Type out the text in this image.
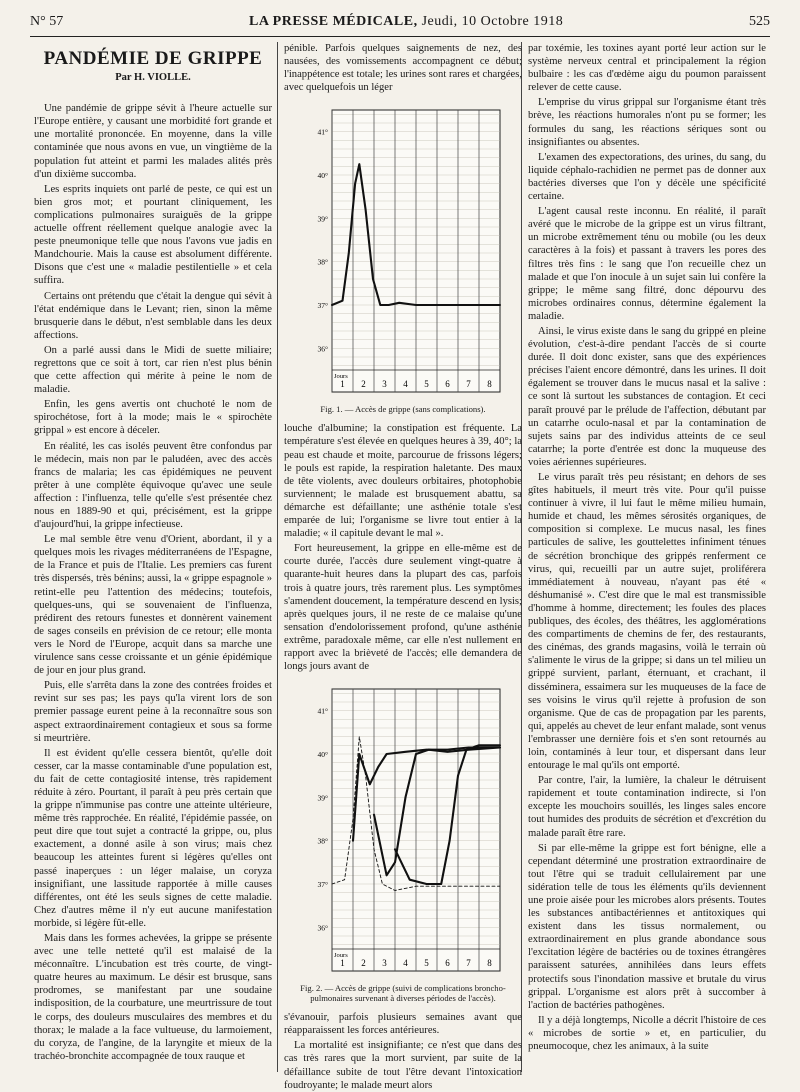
N° 57	LA PRESSE MÉDICALE, Jeudi, 10 Octobre 1918	525
PANDÉMIE DE GRIPPE
Par H. VIOLLE.

Une pandémie de grippe sévit à l'heure actuelle sur l'Europe entière, y causant une morbidité fort grande et une mortalité prononcée. En moyenne, dans la ville contaminée que nous avons en vue, un vingtième de la population fut atteint et parmi les malades alités près d'un dixième succomba.

Les esprits inquiets ont parlé de peste, ce qui est un bien gros mot; et pourtant cliniquement, les complications pulmonaires suraiguës de la grippe actuelle offrent réellement quelque analogie avec la peste pneumonique telle que nous l'avons vue jadis en Mandchourie. Mais la cause est absolument différente. Disons que c'est une « maladie pestilentielle » et cela suffira.

Certains ont prétendu que c'était la dengue qui sévit à l'état endémique dans le Levant; rien, sinon la même brusquerie dans le début, n'est semblable dans les deux affections.

On a parlé aussi dans le Midi de suette miliaire; regrettons que ce soit à tort, car rien n'est plus bénin que cette affection qui mérite à peine le nom de maladie.

Enfin, les gens avertis ont chuchoté le nom de spirochétose, fort à la mode; mais le « spirochète grippal » est encore à déceler.

En réalité, les cas isolés peuvent être confondus par le médecin, mais non par le paludéen, avec des accès francs de malaria; les cas épidémiques ne peuvent prêter à une complète équivoque qu'avec une seule affection : l'influenza, telle qu'elle s'est présentée chez nous en 1889-90 et qui, précisément, est la grippe d'aujourd'hui, la grippe infectieuse.

Le mal semble être venu d'Orient, abordant, il y a quelques mois les rivages méditerranéens de l'Espagne, de la France et puis de l'Italie. Les premiers cas furent très dispersés, très bénins; aussi, la « grippe espagnole » retint-elle peu l'attention des médecins; toutefois, quelques-uns, qui se souvenaient de l'influenza, prédirent des retours funestes et donnèrent vainement de sages conseils en prévision de ce retour; elle monta vers le Nord de l'Europe, acquit dans sa marche une virulence sans cesse croissante et un génie épidémique de jour en jour plus grand.

Puis, elle s'arrêta dans la zone des contrées froides et revint sur ses pas; les pays qu'la virent lors de son premier passage eurent peine à la reconnaître sous son aspect extraordinairement contagieux et sous sa forme si meurtrière.

Il est évident qu'elle cessera bientôt, qu'elle doit cesser, car la masse contaminable d'une population est, du fait de cette contagiosité intense, très rapidement réduite à zéro. Pourtant, il paraît à peu près certain que la grippe n'immunise pas contre une atteinte ultérieure, même très rapprochée. En réalité, l'épidémie passée, on peut dire que tout sujet a contracté la grippe, ou, plus exactement, a donné asile à son virus; mais chez beaucoup les atteintes furent si légères qu'elles ont passé inaperçues : un léger malaise, un coryza insignifiant, une lassitude rapportée à mille causes différentes, ont été les seuls signes de cette maladie. Chez d'autres même il n'y eut aucune manifestation morbide, si légère fût-elle.

Mais dans les formes achevées, la grippe se présente avec une telle netteté qu'il est malaisé de la méconnaître. L'incubation est très courte, de vingt-quatre heures au maximum. Le désir est brusque, sans prodromes, se manifestant par une soudaine indisposition, de la courbature, une meurtrissure de tout le corps, des douleurs musculaires des membres et du thorax; le malade a la face vultueuse, du larmoiement, du coryza, de l'angine, de la laryngite et mieux de la trachéo-bronchite accompagnée de toux rauque et

pénible. Parfois quelques saignements de nez, des nausées, des vomissements accompagnent ce début; l'inappétence est totale; les urines sont rares et chargées, avec quelquefois un léger

41°
40°
39°
38°
37°
36°
1 2 3 4 5 6 7 8
Jours
Fig. 1. — Accès de grippe (sans complications).

louche d'albumine; la constipation est fréquente. La température s'est élevée en quelques heures à 39, 40°; la peau est chaude et moite, parcourue de frissons légers; le pouls est rapide, la respiration haletante. Des maux de tête violents, avec douleurs orbitaires, photophobie surviennent; le malade est brusquement abattu, sa démarche est défaillante; une asthénie totale s'est emparée de lui; l'organisme se livre tout entier à la maladie; « il capitule devant le mal ».

Fort heureusement, la grippe en elle-même est de courte durée, l'accès dure seulement vingt-quatre à quarante-huit heures dans la plupart des cas, parfois trois à quatre jours, très rarement plus. Les symptômes s'amendent doucement, la température descend en lysis; après quelques jours, il ne reste de ce malaise qu'une sensation d'endolorissement profond, qu'une asthénie extrême, paradoxale même, car elle n'est nullement en rapport avec la brièveté de l'accès; elle demandera de longs jours avant de

41°
40°
39°
38°
37°
36°
1 2 3 4 5 6 7 8
Jours
Fig. 2. — Accès de grippe (suivi de complications broncho-pulmonaires survenant à diverses périodes de l'accès).

s'évanouir, parfois plusieurs semaines avant que réapparaissent les forces antérieures.

La mortalité est insignifiante; ce n'est que dans des cas très rares que la mort survient, par suite de la défaillance subite de tout l'être devant l'intoxication foudroyante; le malade meurt alors

par toxémie, les toxines ayant porté leur action sur le système nerveux central et principalement la région bulbaire : les cas d'œdème aigu du poumon paraissent relever de cette cause.

L'emprise du virus grippal sur l'organisme étant très brève, les réactions humorales n'ont pu se former; les formules du sang, les réactions sériques sont ou insignifiantes ou absentes.

L'examen des expectorations, des urines, du sang, du liquide céphalo-rachidien ne permet pas de donner aux bactéries diverses que l'on y décèle une spécificité certaine.

L'agent causal reste inconnu. En réalité, il paraît avéré que le microbe de la grippe est un virus filtrant, un microbe extrêmement ténu ou mobile (ou les deux caractères à la fois) et passant à travers les pores des filtres très fins : le sang que l'on recueille chez un malade et que l'on inocule à un sujet sain lui confère la grippe; le même sang filtré, donc dépourvu des microbes ordinaires connus, détermine également la maladie.

Ainsi, le virus existe dans le sang du grippé en pleine évolution, c'est-à-dire pendant l'accès de si courte durée. Il doit donc exister, sans que des expériences précises l'aient encore démontré, dans les urines. Il doit également se trouver dans le mucus nasal et la salive : ce sont là surtout les substances de contagion. Et ceci paraît prouvé par le prélude de l'affection, débutant par un catarrhe oculo-nasal et par la contamination de sujets sains par des individus atteints de ce seul catarrhe; la porte d'entrée est donc la muqueuse des voies aériennes supérieures.

Le virus paraît très peu résistant; en dehors de ses gîtes habituels, il meurt très vite. Pour qu'il puisse continuer à vivre, il lui faut le même milieu humain, humide et chaud, les mêmes sérosités organiques, de composition si complexe. Le mucus nasal, les fines particules de salive, les gouttelettes infiniment ténues de sécrétion bronchique des grippés renferment ce virus, qui, recueilli par un autre sujet, proliférera immédiatement à nouveau, n'ayant pas été « déshumanisé ». C'est dire que le mal est transmissible d'homme à homme, directement; les foules des places publiques, des écoles, des théâtres, les agglomérations des compartiments de chemins de fer, des restaurants, des cinémas, des grands magasins, voilà le terrain où s'alimente le virus de la grippe; si dans un tel milieu un grippé survient, parlant, éternuant, et crachant, il disséminera, essaimera sur les muqueuses de la face de ses voisins le virus qu'il rejette à profusion de son organisme. Que de cas de propagation par les parents, qui, appelés au chevet de leur enfant malade, sont venus l'embrasser une dernière fois et s'en sont retournés au loin, contaminés à leur tour, et dispersant dans leur entourage le mal qu'ils ont emporté.

Par contre, l'air, la lumière, la chaleur le détruisent rapidement et toute contamination indirecte, si l'on excepte les mouchoirs souillés, les linges sales encore tout humides des produits de sécrétion et d'excrétion du malade paraît être rare.

Si par elle-même la grippe est fort bénigne, elle a cependant déterminé une prostration extraordinaire de tout l'être qui se traduit cellulairement par une sidération telle de tous les éléments qu'ils deviennent une proie aisée pour les microbes alors présents. Toutes les substances antibactériennes et antitoxiques qui existent dans les tissus normalement, ou extraordinairement en plus grande abondance sous l'excitation légère de bactéries ou de toxines étrangères paraissent saturées, annihilées dans leurs effets protectifs sous l'inondation massive et brutale du virus grippal. L'organisme est alors prêt à succomber à l'action de bactéries pathogènes.

Il y a déjà longtemps, Nicolle a décrit l'histoire de ces « microbes de sortie » et, en particulier, du pneumocoque, chez les animaux, à la suite
